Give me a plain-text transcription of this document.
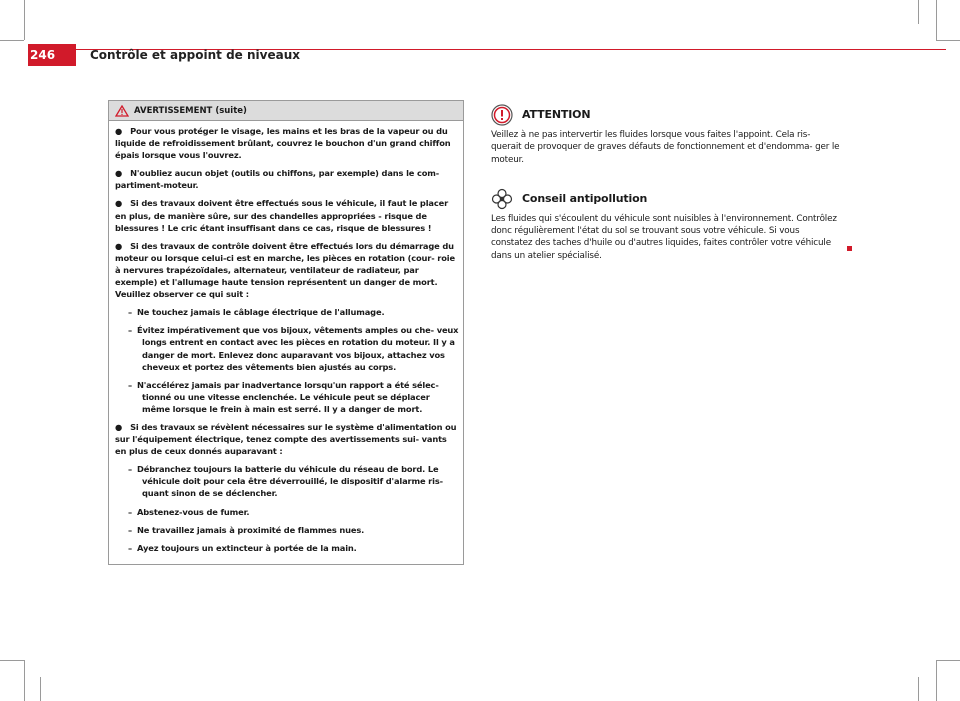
246	Contrôle et appoint de niveaux
AVERTISSEMENT (suite)

● Pour vous protéger le visage, les mains et les bras de la vapeur ou du liquide de refroidissement brûlant, couvrez le bouchon d'un grand chiffon épais lorsque vous l'ouvrez.

● N'oubliez aucun objet (outils ou chiffons, par exemple) dans le com- partiment-moteur.

● Si des travaux doivent être effectués sous le véhicule, il faut le placer en plus, de manière sûre, sur des chandelles appropriées - risque de blessures ! Le cric étant insuffisant dans ce cas, risque de blessures !

● Si des travaux de contrôle doivent être effectués lors du démarrage du moteur ou lorsque celui-ci est en marche, les pièces en rotation (cour- roie à nervures trapézoïdales, alternateur, ventilateur de radiateur, par exemple) et l'allumage haute tension représentent un danger de mort. Veuillez observer ce qui suit :

– Ne touchez jamais le câblage électrique de l'allumage.

– Évitez impérativement que vos bijoux, vêtements amples ou che- veux longs entrent en contact avec les pièces en rotation du moteur. Il y a danger de mort. Enlevez donc auparavant vos bijoux, attachez vos cheveux et portez des vêtements bien ajustés au corps.

– N'accélérez jamais par inadvertance lorsqu'un rapport a été sélec- tionné ou une vitesse enclenchée. Le véhicule peut se déplacer même lorsque le frein à main est serré. Il y a danger de mort.

● Si des travaux se révèlent nécessaires sur le système d'alimentation ou sur l'équipement électrique, tenez compte des avertissements sui- vants en plus de ceux donnés auparavant :

– Débranchez toujours la batterie du véhicule du réseau de bord. Le véhicule doit pour cela être déverrouillé, le dispositif d'alarme ris- quant sinon de se déclencher.

– Abstenez-vous de fumer.

– Ne travaillez jamais à proximité de flammes nues.

– Ayez toujours un extincteur à portée de la main.

ATTENTION

Veillez à ne pas intervertir les fluides lorsque vous faites l'appoint. Cela ris- querait de provoquer de graves défauts de fonctionnement et d'endomma- ger le moteur.

Conseil antipollution

Les fluides qui s'écoulent du véhicule sont nuisibles à l'environnement. Contrôlez donc régulièrement l'état du sol se trouvant sous votre véhicule. Si vous constatez des taches d'huile ou d'autres liquides, faites contrôler votre véhicule dans un atelier spécialisé.
